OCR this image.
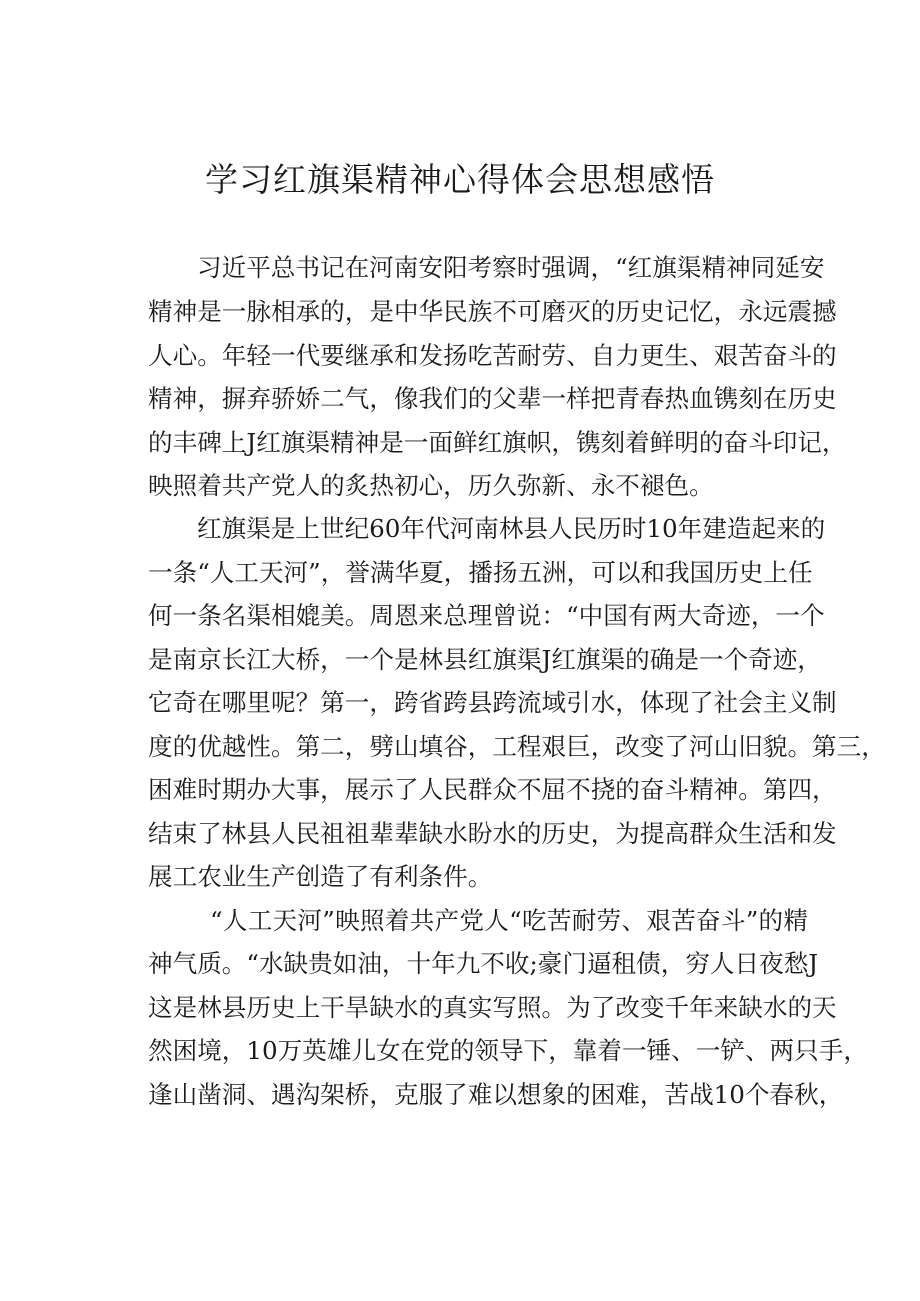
学习红旗渠精神心得体会思想感悟

习近平总书记在河南安阳考察时强调，“红旗渠精神同延安

精神是一脉相承的，是中华民族不可磨灭的历史记忆，永远震撼

人心。年轻一代要继承和发扬吃苦耐劳、自力更生、艰苦奋斗的

精神，摒弃骄娇二气，像我们的父辈一样把青春热血镌刻在历史

的丰碑上J红旗渠精神是一面鲜红旗帜，镌刻着鲜明的奋斗印记，

映照着共产党人的炙热初心，历久弥新、永不褪色。

红旗渠是上世纪60年代河南林县人民历时10年建造起来的

一条“人工天河”，誉满华夏，播扬五洲，可以和我国历史上任

何一条名渠相媲美。周恩来总理曾说：“中国有两大奇迹，一个

是南京长江大桥，一个是林县红旗渠J红旗渠的确是一个奇迹，

它奇在哪里呢？第一，跨省跨县跨流域引水，体现了社会主义制

度的优越性。第二，劈山填谷，工程艰巨，改变了河山旧貌。第三，

困难时期办大事，展示了人民群众不屈不挠的奋斗精神。第四，

结束了林县人民祖祖辈辈缺水盼水的历史，为提高群众生活和发

展工农业生产创造了有利条件。

“人工天河”映照着共产党人“吃苦耐劳、艰苦奋斗”的精

神气质。“水缺贵如油，十年九不收;豪门逼租债，穷人日夜愁J

这是林县历史上干旱缺水的真实写照。为了改变千年来缺水的天

然困境，10万英雄儿女在党的领导下，靠着一锤、一铲、两只手，

逢山凿洞、遇沟架桥，克服了难以想象的困难，苦战10个春秋，
